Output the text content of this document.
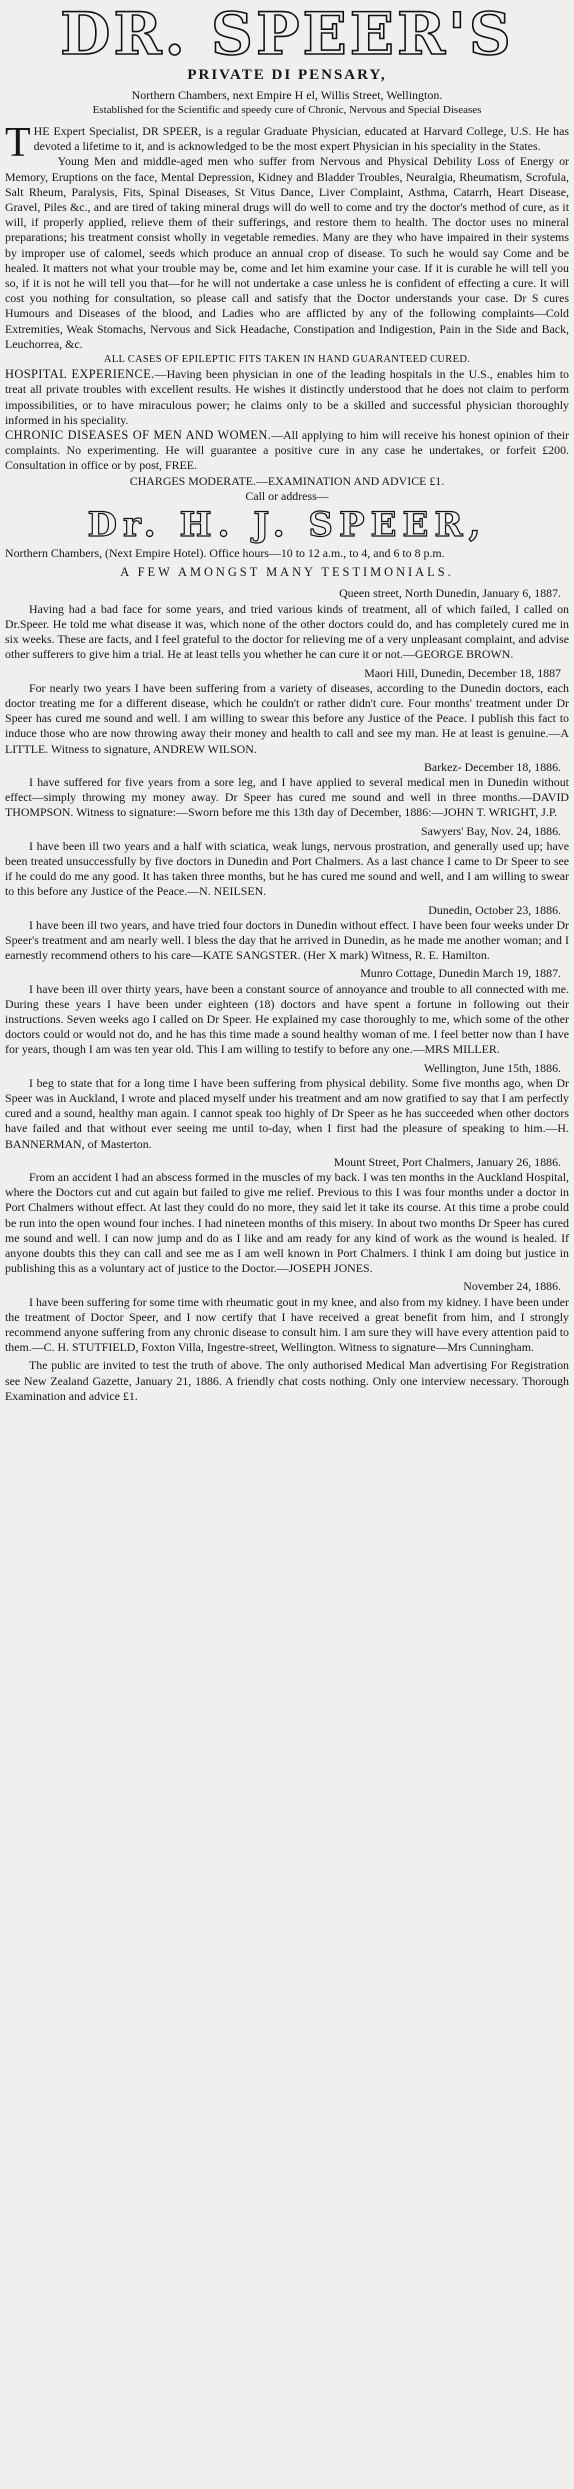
DR. SPEER'S
PRIVATE DI PENSARY,
Northern Chambers, next Empire H el, Willis Street, Wellington.
Established for the Scientific and speedy cure of Chronic, Nervous and Special Diseases

THE Expert Specialist, DR SPEER, is a regular Graduate Physician, educated at Harvard College, U.S. He has devoted a lifetime to it, and is acknowledged to be the most expert Physician in his speciality in the States.

Young Men and middle-aged men who suffer from Nervous and Physical Debility Loss of Energy or Memory, Eruptions on the face, Mental Depression, Kidney and Bladder Troubles, Neuralgia, Rheumatism, Scrofula, Salt Rheum, Paralysis, Fits, Spinal Diseases, St Vitus Dance, Liver Complaint, Asthma, Catarrh, Heart Disease, Gravel, Piles &c., and are tired of taking mineral drugs will do well to come and try the doctor's method of cure, as it will, if properly applied, relieve them of their sufferings, and restore them to health. The doctor uses no mineral preparations; his treatment consist wholly in vegetable remedies. Many are they who have impaired in their systems by improper use of calomel, seeds which produce an annual crop of disease. To such he would say Come and be healed. It matters not what your trouble may be, come and let him examine your case. If it is curable he will tell you so, if it is not he will tell you that—for he will not undertake a case unless he is confident of effecting a cure. It will cost you nothing for consultation, so please call and satisfy that the Doctor understands your case. Dr S cures Humours and Diseases of the blood, and Ladies who are afflicted by any of the following complaints—Cold Extremities, Weak Stomachs, Nervous and Sick Headache, Constipation and Indigestion, Pain in the Side and Back, Leuchorrea, &c.

ALL CASES OF EPILEPTIC FITS TAKEN IN HAND GUARANTEED CURED.

HOSPITAL EXPERIENCE.—Having been physician in one of the leading hospitals in the U.S., enables him to treat all private troubles with excellent results. He wishes it distinctly understood that he does not claim to perform impossibilities, or to have miraculous power; he claims only to be a skilled and successful physician thoroughly informed in his speciality.

CHRONIC DISEASES OF MEN AND WOMEN.—All applying to him will receive his honest opinion of their complaints. No experimenting. He will guarantee a positive cure in any case he undertakes, or forfeit £200. Consultation in office or by post, FREE.

CHARGES MODERATE.—EXAMINATION AND ADVICE £1.
Call or address—
Dr. H. J. SPEER,

Northern Chambers, (Next Empire Hotel). Office hours—10 to 12 a.m., to 4, and 6 to 8 p.m.

A FEW AMONGST MANY TESTIMONIALS.
Queen street, North Dunedin, January 6, 1887.

Having had a bad face for some years, and tried various kinds of treatment, all of which failed, I called on Dr.Speer. He told me what disease it was, which none of the other doctors could do, and has completely cured me in six weeks. These are facts, and I feel grateful to the doctor for relieving me of a very unpleasant complaint, and advise other sufferers to give him a trial. He at least tells you whether he can cure it or not.—GEORGE BROWN.

Maori Hill, Dunedin, December 18, 1887

For nearly two years I have been suffering from a variety of diseases, according to the Dunedin doctors, each doctor treating me for a different disease, which he couldn't or rather didn't cure. Four months' treatment under Dr Speer has cured me sound and well. I am willing to swear this before any Justice of the Peace. I publish this fact to induce those who are now throwing away their money and health to call and see my man. He at least is genuine.—A LITTLE. Witness to signature, ANDREW WILSON.

Barkez- December 18, 1886.

I have suffered for five years from a sore leg, and I have applied to several medical men in Dunedin without effect—simply throwing my money away. Dr Speer has cured me sound and well in three months.—DAVID THOMPSON. Witness to signature:—Sworn before me this 13th day of December, 1886:—JOHN T. WRIGHT, J.P.

Sawyers' Bay, Nov. 24, 1886.

I have been ill two years and a half with sciatica, weak lungs, nervous prostration, and generally used up; have been treated unsuccessfully by five doctors in Dunedin and Port Chalmers. As a last chance I came to Dr Speer to see if he could do me any good. It has taken three months, but he has cured me sound and well, and I am willing to swear to this before any Justice of the Peace.—N. NEILSEN.

Dunedin, October 23, 1886.

I have been ill two years, and have tried four doctors in Dunedin without effect. I have been four weeks under Dr Speer's treatment and am nearly well. I bless the day that he arrived in Dunedin, as he made me another woman; and I earnestly recommend others to his care—KATE SANGSTER. (Her X mark) Witness, R. E. Hamilton.

Munro Cottage, Dunedin March 19, 1887.

I have been ill over thirty years, have been a constant source of annoyance and trouble to all connected with me. During these years I have been under eighteen (18) doctors and have spent a fortune in following out their instructions. Seven weeks ago I called on Dr Speer. He explained my case thoroughly to me, which some of the other doctors could or would not do, and he has this time made a sound healthy woman of me. I feel better now than I have for years, though I am was ten year old. This I am willing to testify to before any one.—MRS MILLER.

Wellington, June 15th, 1886.

I beg to state that for a long time I have been suffering from physical debility. Some five months ago, when Dr Speer was in Auckland, I wrote and placed myself under his treatment and am now gratified to say that I am perfectly cured and a sound, healthy man again. I cannot speak too highly of Dr Speer as he has succeeded when other doctors have failed and that without ever seeing me until to-day, when I first had the pleasure of speaking to him.—H. BANNERMAN, of Masterton.

Mount Street, Port Chalmers, January 26, 1886.

From an accident I had an abscess formed in the muscles of my back. I was ten months in the Auckland Hospital, where the Doctors cut and cut again but failed to give me relief. Previous to this I was four months under a doctor in Port Chalmers without effect. At last they could do no more, they said let it take its course. At this time a probe could be run into the open wound four inches. I had nineteen months of this misery. In about two months Dr Speer has cured me sound and well. I can now jump and do as I like and am ready for any kind of work as the wound is healed. If anyone doubts this they can call and see me as I am well known in Port Chalmers. I think I am doing but justice in publishing this as a voluntary act of justice to the Doctor.—JOSEPH JONES.

November 24, 1886.

I have been suffering for some time with rheumatic gout in my knee, and also from my kidney. I have been under the treatment of Doctor Speer, and I now certify that I have received a great benefit from him, and I strongly recommend anyone suffering from any chronic disease to consult him. I am sure they will have every attention paid to them.—C. H. STUTFIELD, Foxton Villa, Ingestre-street, Wellington. Witness to signature—Mrs Cunningham.

The public are invited to test the truth of above. The only authorised Medical Man advertising For Registration see New Zealand Gazette, January 21, 1886. A friendly chat costs nothing. Only one interview necessary. Thorough Examination and advice £1.
